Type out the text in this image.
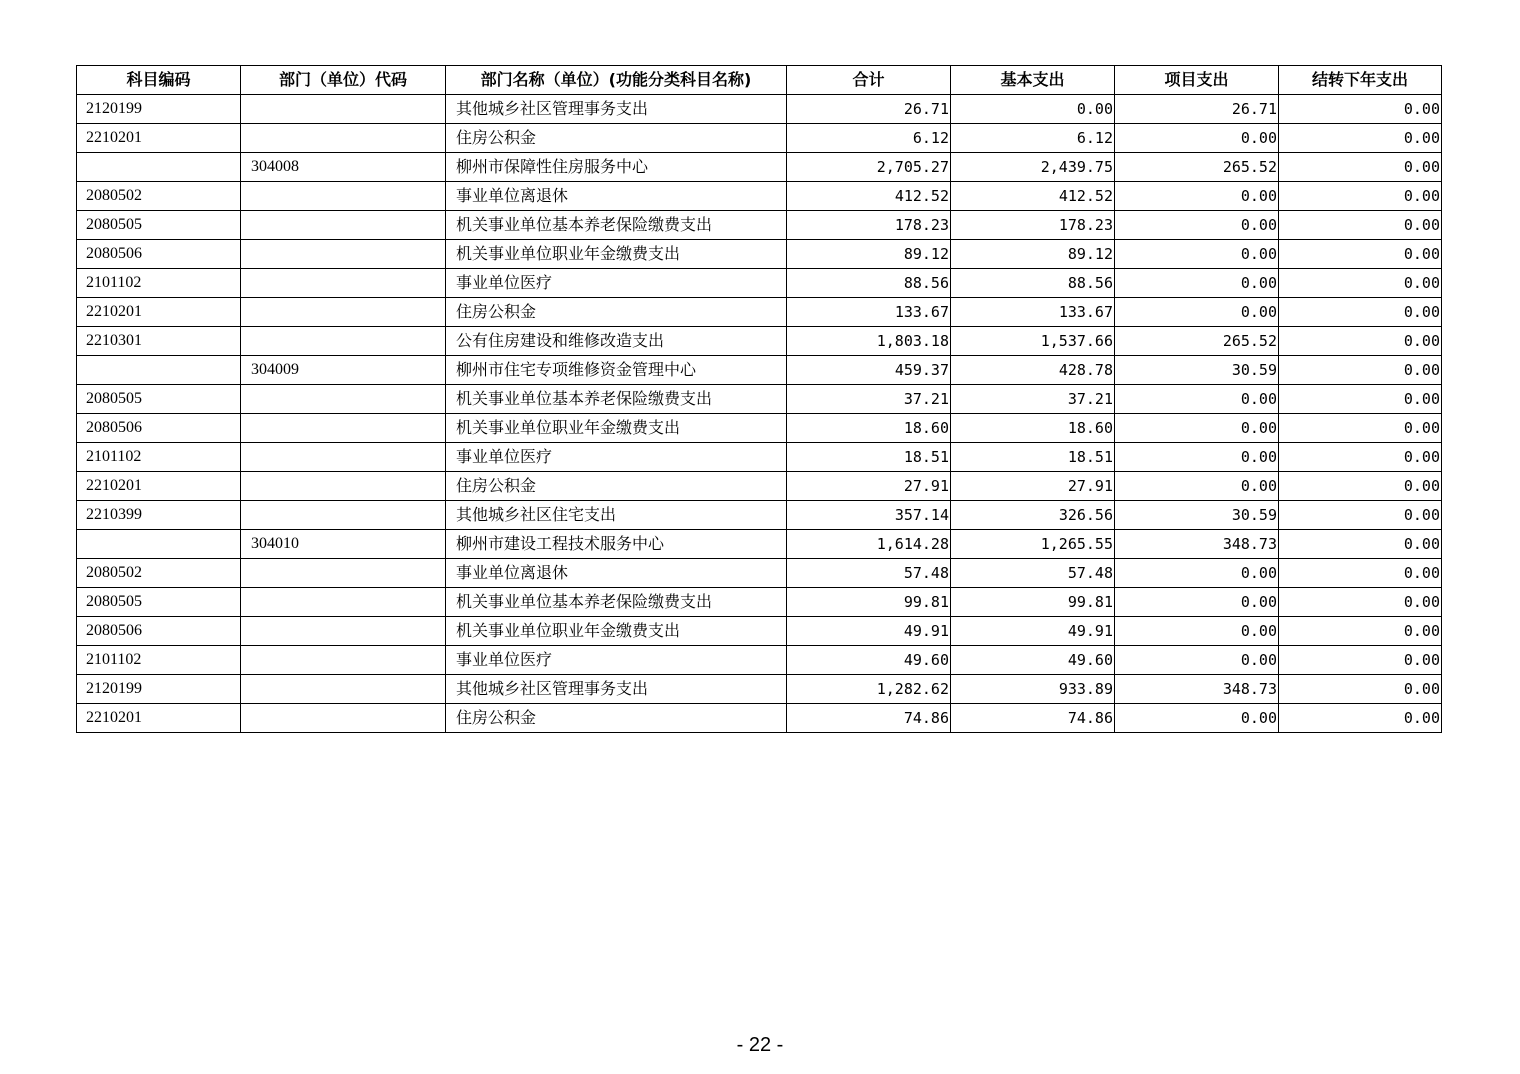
科目编码	部门（单位）代码	部门名称（单位）(功能分类科目名称)	合计	基本支出	项目支出	结转下年支出
2120199		其他城乡社区管理事务支出	26.71	0.00	26.71	0.00
2210201		住房公积金	6.12	6.12	0.00	0.00
	304008	柳州市保障性住房服务中心	2,705.27	2,439.75	265.52	0.00
2080502		事业单位离退休	412.52	412.52	0.00	0.00
2080505		机关事业单位基本养老保险缴费支出	178.23	178.23	0.00	0.00
2080506		机关事业单位职业年金缴费支出	89.12	89.12	0.00	0.00
2101102		事业单位医疗	88.56	88.56	0.00	0.00
2210201		住房公积金	133.67	133.67	0.00	0.00
2210301		公有住房建设和维修改造支出	1,803.18	1,537.66	265.52	0.00
	304009	柳州市住宅专项维修资金管理中心	459.37	428.78	30.59	0.00
2080505		机关事业单位基本养老保险缴费支出	37.21	37.21	0.00	0.00
2080506		机关事业单位职业年金缴费支出	18.60	18.60	0.00	0.00
2101102		事业单位医疗	18.51	18.51	0.00	0.00
2210201		住房公积金	27.91	27.91	0.00	0.00
2210399		其他城乡社区住宅支出	357.14	326.56	30.59	0.00
	304010	柳州市建设工程技术服务中心	1,614.28	1,265.55	348.73	0.00
2080502		事业单位离退休	57.48	57.48	0.00	0.00
2080505		机关事业单位基本养老保险缴费支出	99.81	99.81	0.00	0.00
2080506		机关事业单位职业年金缴费支出	49.91	49.91	0.00	0.00
2101102		事业单位医疗	49.60	49.60	0.00	0.00
2120199		其他城乡社区管理事务支出	1,282.62	933.89	348.73	0.00
2210201		住房公积金	74.86	74.86	0.00	0.00
- 22 -
